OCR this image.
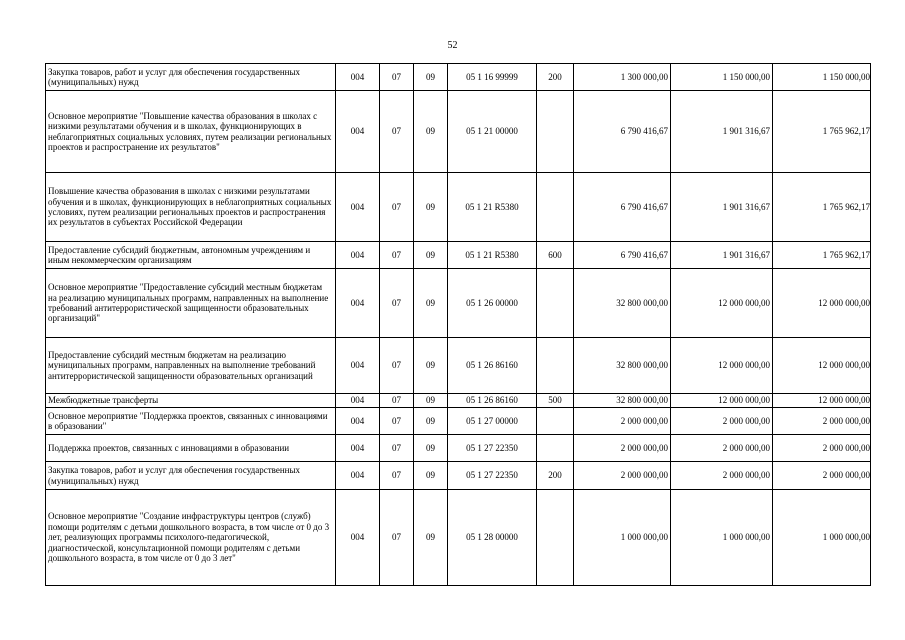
52
Закупка товаров, работ и услуг для обеспечения государственных (муниципальных) нужд	004	07	09	05 1 16 99999	200	1 300 000,00	1 150 000,00	1 150 000,00
Основное мероприятие "Повышение качества образования в школах с низкими результатами обучения и в школах, функционирующих в неблагоприятных социальных условиях, путем реализации региональных проектов и распространение их результатов"	004	07	09	05 1 21 00000		6 790 416,67	1 901 316,67	1 765 962,17
Повышение качества образования в школах с низкими результатами обучения и в школах, функционирующих в неблагоприятных социальных условиях, путем реализации региональных проектов и распространения их результатов в субъектах Российской Федерации	004	07	09	05 1 21 R5380		6 790 416,67	1 901 316,67	1 765 962,17
Предоставление субсидий бюджетным, автономным учреждениям и иным некоммерческим организациям	004	07	09	05 1 21 R5380	600	6 790 416,67	1 901 316,67	1 765 962,17
Основное мероприятие "Предоставление субсидий местным бюджетам на реализацию муниципальных программ, направленных на выполнение требований антитеррористической защищенности образовательных организаций"	004	07	09	05 1 26 00000		32 800 000,00	12 000 000,00	12 000 000,00
Предоставление субсидий местным бюджетам на реализацию муниципальных программ, направленных на выполнение требований антитеррористической защищенности образовательных организаций	004	07	09	05 1 26 86160		32 800 000,00	12 000 000,00	12 000 000,00
Межбюджетные трансферты	004	07	09	05 1 26 86160	500	32 800 000,00	12 000 000,00	12 000 000,00
Основное мероприятие "Поддержка проектов, связанных с инновациями в образовании"	004	07	09	05 1 27 00000		2 000 000,00	2 000 000,00	2 000 000,00
Поддержка проектов, связанных с инновациями в образовании	004	07	09	05 1 27 22350		2 000 000,00	2 000 000,00	2 000 000,00
Закупка товаров, работ и услуг для обеспечения государственных (муниципальных) нужд	004	07	09	05 1 27 22350	200	2 000 000,00	2 000 000,00	2 000 000,00
Основное мероприятие "Создание инфраструктуры центров (служб) помощи родителям с детьми дошкольного возраста, в том числе от 0 до 3 лет, реализующих программы психолого-педагогической, диагностической, консультационной помощи родителям с детьми дошкольного возраста, в том числе от 0 до 3 лет"	004	07	09	05 1 28 00000		1 000 000,00	1 000 000,00	1 000 000,00
